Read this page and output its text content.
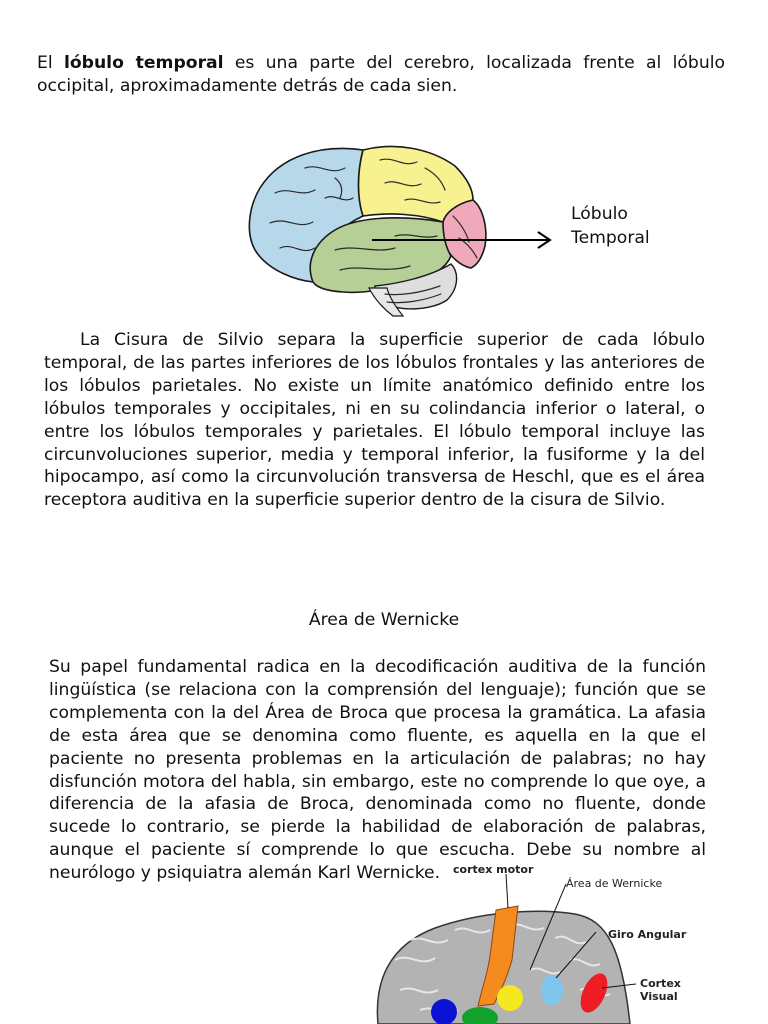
El lóbulo temporal es una parte del cerebro, localizada frente al lóbulo occipital, aproximadamente detrás de cada sien.

Lóbulo
Temporal

La Cisura de Silvio separa la superficie superior de cada lóbulo temporal, de las partes inferiores de los lóbulos frontales y las anteriores de los lóbulos parietales. No existe un límite anatómico definido entre los lóbulos temporales y occipitales, ni en su colindancia inferior o lateral, o entre los lóbulos temporales y parietales. El lóbulo temporal incluye las circunvoluciones superior, media y temporal inferior, la fusiforme y la del hipocampo, así como la circunvolución transversa de Heschl, que es el área receptora auditiva en la superficie superior dentro de la cisura de Silvio.

Área de Wernicke

Su papel fundamental radica en la decodificación auditiva de la función lingüística (se relaciona con la comprensión del lenguaje); función que se complementa con la del Área de Broca que procesa la gramática. La afasia de esta área que se denomina como fluente, es aquella en la que el paciente no presenta problemas en la articulación de palabras; no hay disfunción motora del habla, sin embargo, este no comprende lo que oye, a diferencia de la afasia de Broca, denominada como no fluente, donde sucede lo contrario, se pierde la habilidad de elaboración de palabras, aunque el paciente sí comprende lo que escucha. Debe su nombre al neurólogo y psiquiatra alemán Karl Wernicke.	cortex motor
Área de Wernicke
Giro Angular
Cortex
Visual
